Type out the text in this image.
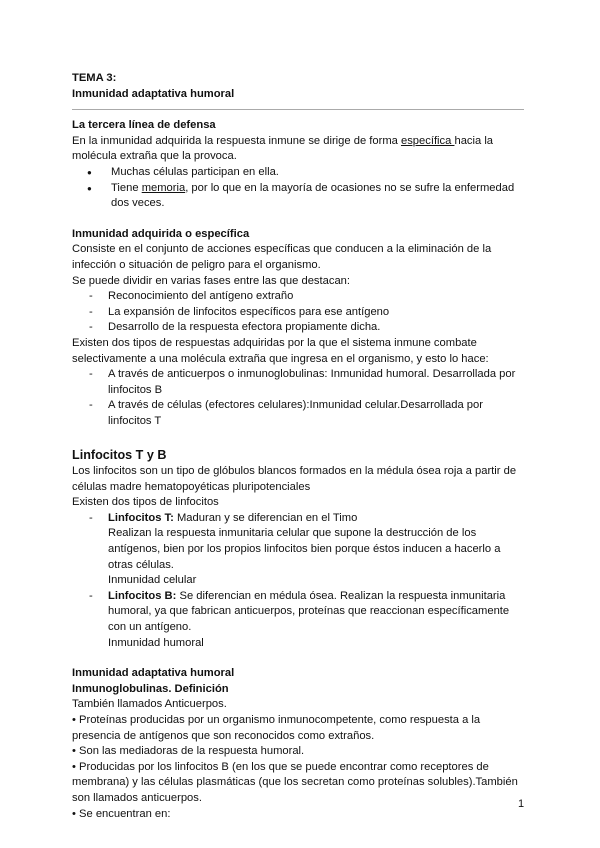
TEMA 3:
Inmunidad adaptativa humoral
La tercera línea de defensa
En la inmunidad adquirida la respuesta inmune se dirige de forma específica hacia la molécula extraña que la provoca.
● Muchas células participan en ella.
● Tiene memoria, por lo que en la mayoría de ocasiones no se sufre la enfermedad dos veces.
Inmunidad adquirida o específica
Consiste en el conjunto de acciones específicas que conducen a la eliminación de la infección o situación de peligro para el organismo.
Se puede dividir en varias fases entre las que destacan:
- Reconocimiento del antígeno extraño
- La expansión de linfocitos específicos para ese antígeno
- Desarrollo de la respuesta efectora propiamente dicha.
Existen dos tipos de respuestas adquiridas por la que el sistema inmune combate selectivamente a una molécula extraña que ingresa en el organismo, y esto lo hace:
- A través de anticuerpos o inmunoglobulinas: Inmunidad humoral. Desarrollada por linfocitos B
- A través de células (efectores celulares):Inmunidad celular.Desarrollada por linfocitos T
Linfocitos T y B
Los linfocitos son un tipo de glóbulos blancos formados en la médula ósea roja a partir de células madre hematopoyéticas pluripotenciales
Existen dos tipos de linfocitos
- Linfocitos T: Maduran y se diferencian en el Timo
Realizan la respuesta inmunitaria celular que supone la destrucción de los antígenos, bien por los propios linfocitos bien porque éstos inducen a hacerlo a otras células.
Inmunidad celular
- Linfocitos B: Se diferencian en médula ósea. Realizan la respuesta inmunitaria humoral, ya que fabrican anticuerpos, proteínas que reaccionan específicamente con un antígeno.
Inmunidad humoral
Inmunidad adaptativa humoral
Inmunoglobulinas. Definición
También llamados Anticuerpos.
• Proteínas producidas por un organismo inmunocompetente, como respuesta a la presencia de antígenos que son reconocidos como extraños.
• Son las mediadoras de la respuesta humoral.
• Producidas por los linfocitos B (en los que se puede encontrar como receptores de membrana) y las células plasmáticas (que los secretan como proteínas solubles).También son llamados anticuerpos.
• Se encuentran en:
1
